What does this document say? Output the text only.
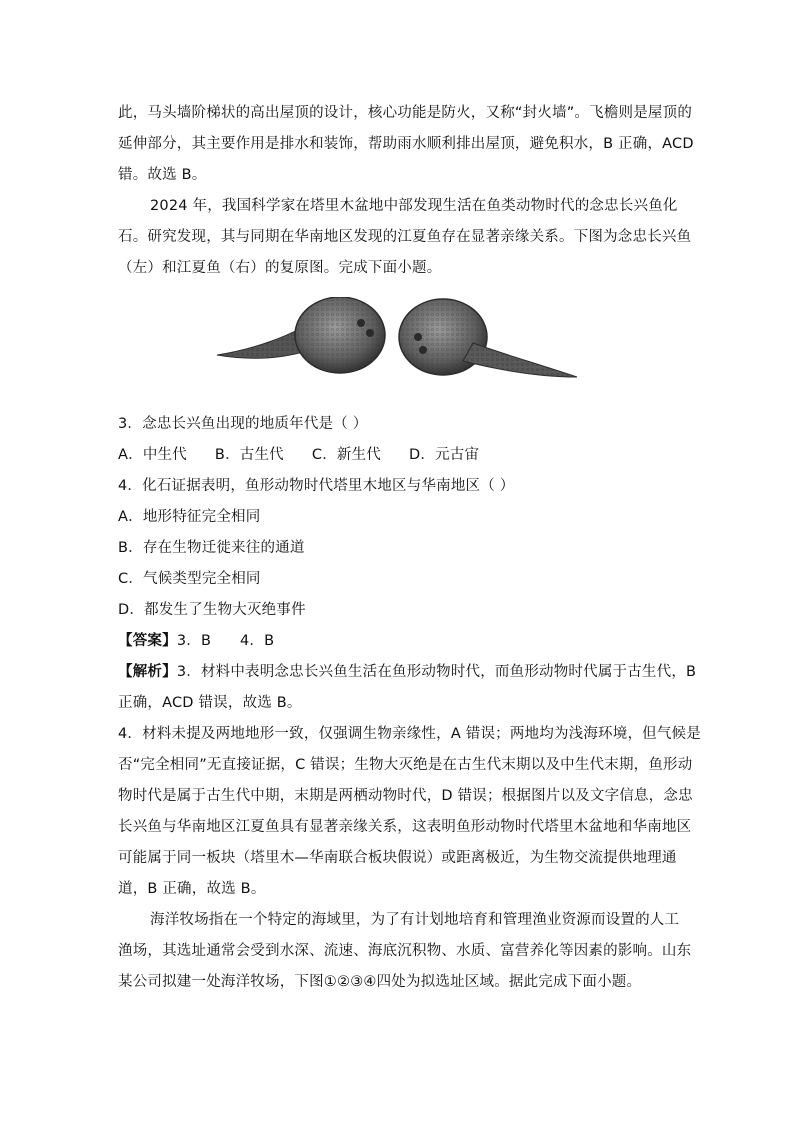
此，马头墙阶梯状的高出屋顶的设计，核心功能是防火，又称“封火墙”。飞檐则是屋顶的
延伸部分，其主要作用是排水和装饰，帮助雨水顺利排出屋顶，避免积水，B 正确，ACD
错。故选 B。
2024 年，我国科学家在塔里木盆地中部发现生活在鱼类动物时代的念忠长兴鱼化
石。研究发现，其与同期在华南地区发现的江夏鱼存在显著亲缘关系。下图为念忠长兴鱼
（左）和江夏鱼（右）的复原图。完成下面小题。
3．念忠长兴鱼出现的地质年代是（ ）
A．中生代 B．古生代 C．新生代 D．元古宙
4．化石证据表明，鱼形动物时代塔里木地区与华南地区（ ）
A．地形特征完全相同
B．存在生物迁徙来往的通道
C．气候类型完全相同
D．都发生了生物大灭绝事件
【答案】3．B      4．B
【解析】3．材料中表明念忠长兴鱼生活在鱼形动物时代，而鱼形动物时代属于古生代，B
正确，ACD 错误，故选 B。
4．材料未提及两地地形一致，仅强调生物亲缘性，A 错误；两地均为浅海环境，但气候是
否“完全相同”无直接证据，C 错误；生物大灭绝是在古生代末期以及中生代末期，鱼形动
物时代是属于古生代中期，末期是两栖动物时代，D 错误；根据图片以及文字信息，念忠
长兴鱼与华南地区江夏鱼具有显著亲缘关系，这表明鱼形动物时代塔里木盆地和华南地区
可能属于同一板块（塔里木—华南联合板块假说）或距离极近，为生物交流提供地理通
道，B 正确，故选 B。
海洋牧场指在一个特定的海域里，为了有计划地培育和管理渔业资源而设置的人工
渔场，其选址通常会受到水深、流速、海底沉积物、水质、富营养化等因素的影响。山东
某公司拟建一处海洋牧场，下图①②③④四处为拟选址区域。据此完成下面小题。
